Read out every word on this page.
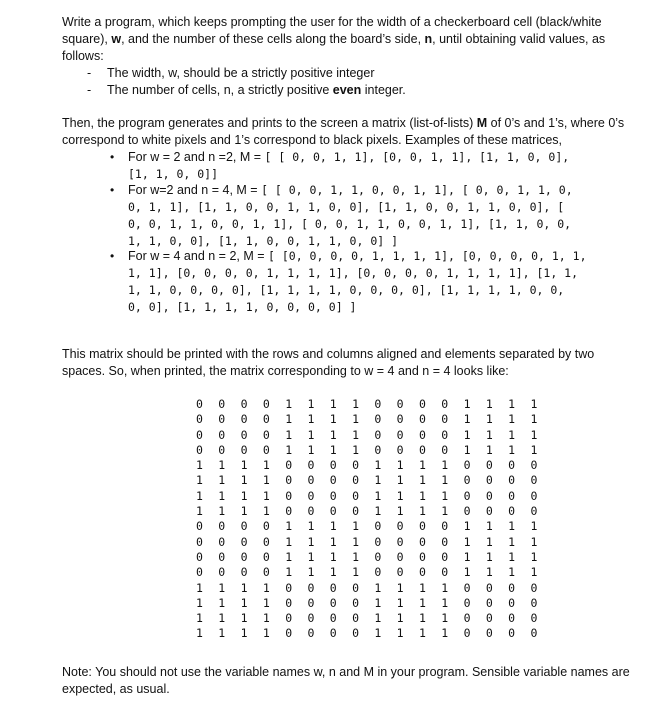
Write a program, which keeps prompting the user for the width of a checkerboard cell (black/white
square), w, and the number of these cells along the board’s side, n, until obtaining valid values, as
follows:

- The width, w, should be a strictly positive integer

- The number of cells, n, a strictly positive even integer.

Then, the program generates and prints to the screen a matrix (list-of-lists) M of 0’s and 1’s, where 0’s
correspond to white pixels and 1’s correspond to black pixels. Examples of these matrices,

• For w = 2 and n =2, M = [ [ 0, 0, 1, 1], [0, 0, 1, 1], [1, 1, 0, 0],
[1, 1, 0, 0]]
• For w=2 and n = 4, M = [ [ 0, 0, 1, 1, 0, 0, 1, 1], [ 0, 0, 1, 1, 0,
0, 1, 1], [1, 1, 0, 0, 1, 1, 0, 0], [1, 1, 0, 0, 1, 1, 0, 0], [
0, 0, 1, 1, 0, 0, 1, 1], [ 0, 0, 1, 1, 0, 0, 1, 1], [1, 1, 0, 0,
1, 1, 0, 0], [1, 1, 0, 0, 1, 1, 0, 0] ]
• For w = 4 and n = 2, M = [ [0, 0, 0, 0, 1, 1, 1, 1], [0, 0, 0, 0, 1, 1,
1, 1], [0, 0, 0, 0, 1, 1, 1, 1], [0, 0, 0, 0, 1, 1, 1, 1], [1, 1,
1, 1, 0, 0, 0, 0], [1, 1, 1, 1, 0, 0, 0, 0], [1, 1, 1, 1, 0, 0,
0, 0], [1, 1, 1, 1, 0, 0, 0, 0] ]

This matrix should be printed with the rows and columns aligned and elements separated by two
spaces. So, when printed, the matrix corresponding to w = 4 and n = 4 looks like:

0	0	0	0	1	1	1	1	0	0	0	0	1	1	1	1
0	0	0	0	1	1	1	1	0	0	0	0	1	1	1	1
0	0	0	0	1	1	1	1	0	0	0	0	1	1	1	1
0	0	0	0	1	1	1	1	0	0	0	0	1	1	1	1
1	1	1	1	0	0	0	0	1	1	1	1	0	0	0	0
1	1	1	1	0	0	0	0	1	1	1	1	0	0	0	0
1	1	1	1	0	0	0	0	1	1	1	1	0	0	0	0
1	1	1	1	0	0	0	0	1	1	1	1	0	0	0	0
0	0	0	0	1	1	1	1	0	0	0	0	1	1	1	1
0	0	0	0	1	1	1	1	0	0	0	0	1	1	1	1
0	0	0	0	1	1	1	1	0	0	0	0	1	1	1	1
0	0	0	0	1	1	1	1	0	0	0	0	1	1	1	1
1	1	1	1	0	0	0	0	1	1	1	1	0	0	0	0
1	1	1	1	0	0	0	0	1	1	1	1	0	0	0	0
1	1	1	1	0	0	0	0	1	1	1	1	0	0	0	0
1	1	1	1	0	0	0	0	1	1	1	1	0	0	0	0

Note: You should not use the variable names w, n and M in your program. Sensible variable names are
expected, as usual.
